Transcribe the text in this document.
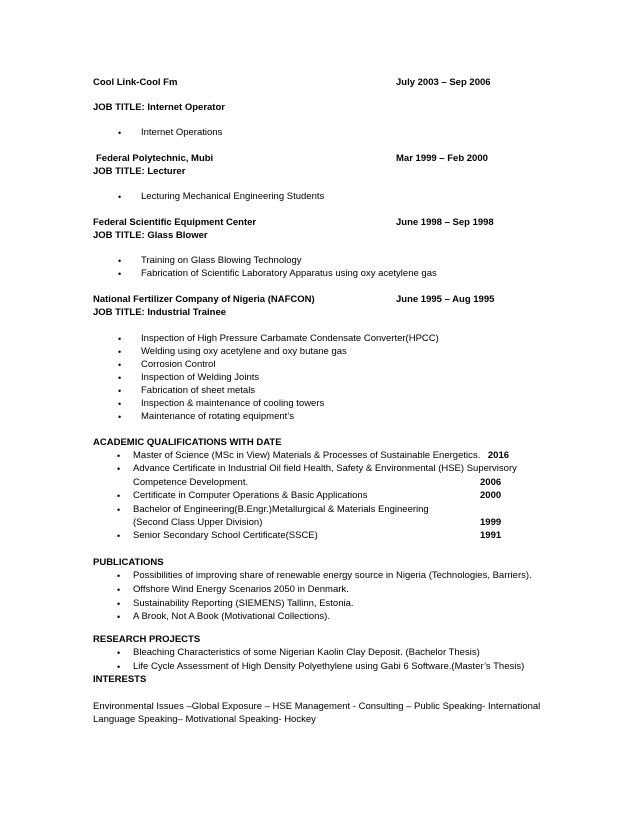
Cool Link-Cool Fm	July 2003 – Sep 2006
JOB TITLE: Internet Operator
• Internet Operations
Federal Polytechnic, Mubi	Mar 1999 – Feb 2000
JOB TITLE: Lecturer
• Lecturing Mechanical Engineering Students
Federal Scientific Equipment Center	June 1998 – Sep 1998
JOB TITLE: Glass Blower
• Training on Glass Blowing Technology
• Fabrication of Scientific Laboratory Apparatus using oxy acetylene gas
National Fertilizer Company of Nigeria (NAFCON)	June 1995 – Aug 1995
JOB TITLE: Industrial Trainee
• Inspection of High Pressure Carbamate Condensate Converter(HPCC)
• Welding using oxy acetylene and oxy butane gas
• Corrosion Control
• Inspection of Welding Joints
• Fabrication of sheet metals
• Inspection & maintenance of cooling towers
• Maintenance of rotating equipment’s
ACADEMIC QUALIFICATIONS WITH DATE
• Master of Science (MSc in View) Materials & Processes of Sustainable Energetics. 2016
• Advance Certificate in Industrial Oil field Health, Safety & Environmental (HSE) Supervisory
Competence Development.	2006
• Certificate in Computer Operations & Basic Applications	2000
• Bachelor of Engineering(B.Engr.)Metallurgical & Materials Engineering
(Second Class Upper Division)	1999
• Senior Secondary School Certificate(SSCE)	1991
PUBLICATIONS
• Possibilities of improving share of renewable energy source in Nigeria (Technologies, Barriers).
• Offshore Wind Energy Scenarios 2050 in Denmark.
• Sustainability Reporting (SIEMENS) Tallinn, Estonia.
• A Brook, Not A Book (Motivational Collections).
RESEARCH PROJECTS
• Bleaching Characteristics of some Nigerian Kaolin Clay Deposit. (Bachelor Thesis)
• Life Cycle Assessment of High Density Polyethylene using Gabi 6 Software.(Master’s Thesis)
INTERESTS
Environmental Issues –Global Exposure – HSE Management - Consulting – Public Speaking- International
Language Speaking– Motivational Speaking- Hockey
